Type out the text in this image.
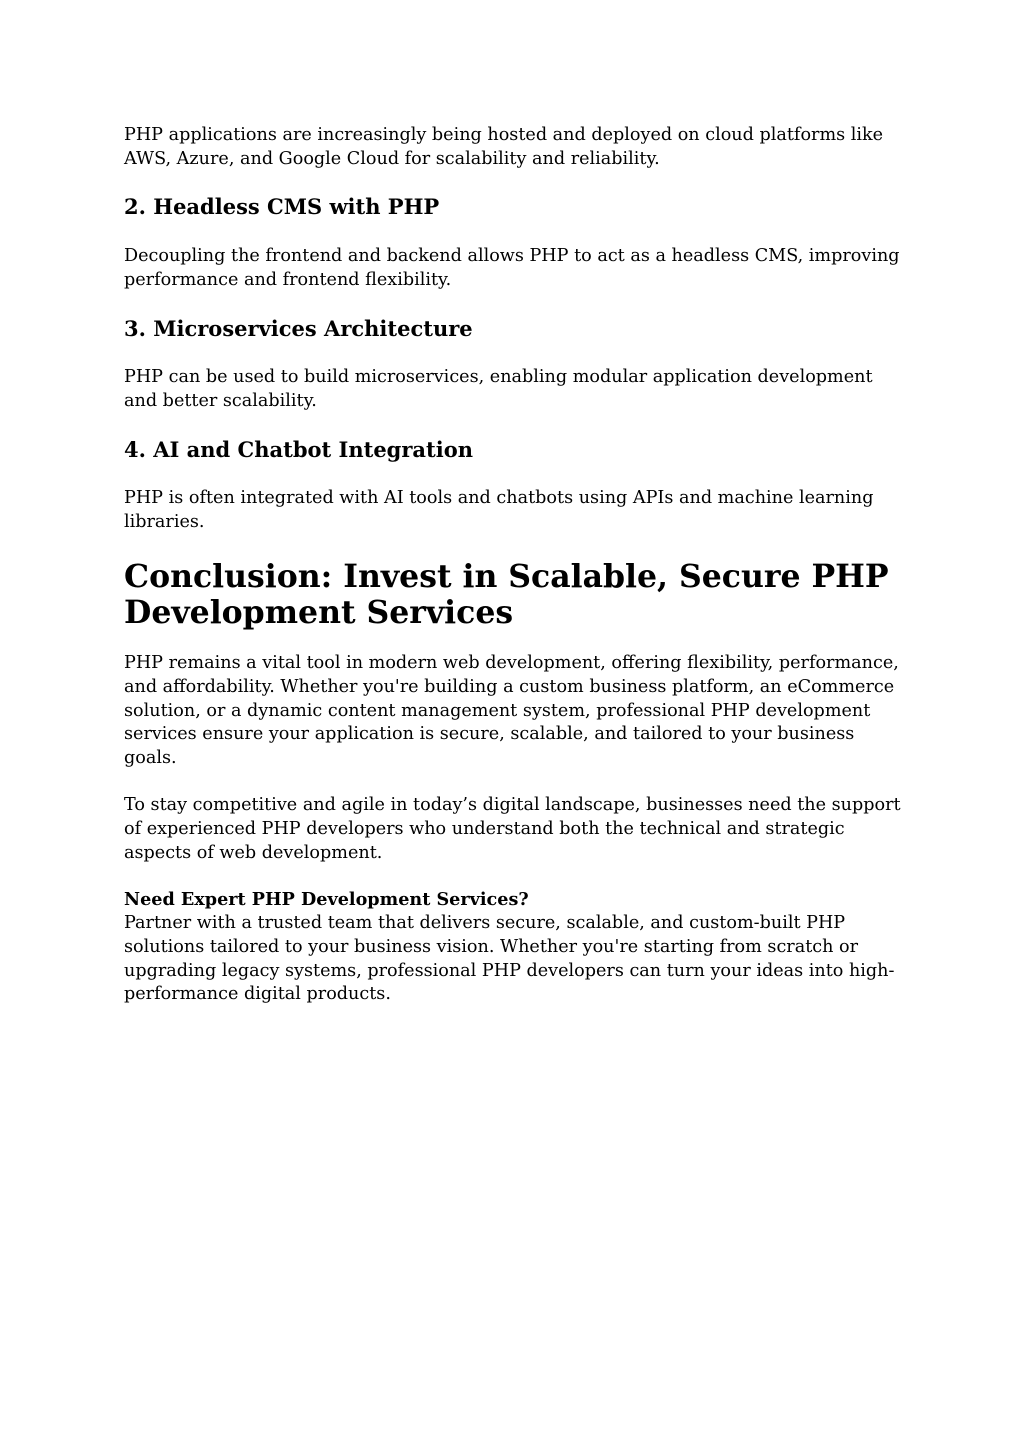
PHP applications are increasingly being hosted and deployed on cloud platforms like AWS, Azure, and Google Cloud for scalability and reliability.

2. Headless CMS with PHP

Decoupling the frontend and backend allows PHP to act as a headless CMS, improving performance and frontend flexibility.

3. Microservices Architecture

PHP can be used to build microservices, enabling modular application development and better scalability.

4. AI and Chatbot Integration

PHP is often integrated with AI tools and chatbots using APIs and machine learning libraries.

Conclusion: Invest in Scalable, Secure PHP Development Services

PHP remains a vital tool in modern web development, offering flexibility, performance, and affordability. Whether you're building a custom business platform, an eCommerce solution, or a dynamic content management system, professional PHP development services ensure your application is secure, scalable, and tailored to your business goals.

To stay competitive and agile in today’s digital landscape, businesses need the support of experienced PHP developers who understand both the technical and strategic aspects of web development.

Need Expert PHP Development Services?

Partner with a trusted team that delivers secure, scalable, and custom-built PHP solutions tailored to your business vision. Whether you're starting from scratch or upgrading legacy systems, professional PHP developers can turn your ideas into high-performance digital products.
